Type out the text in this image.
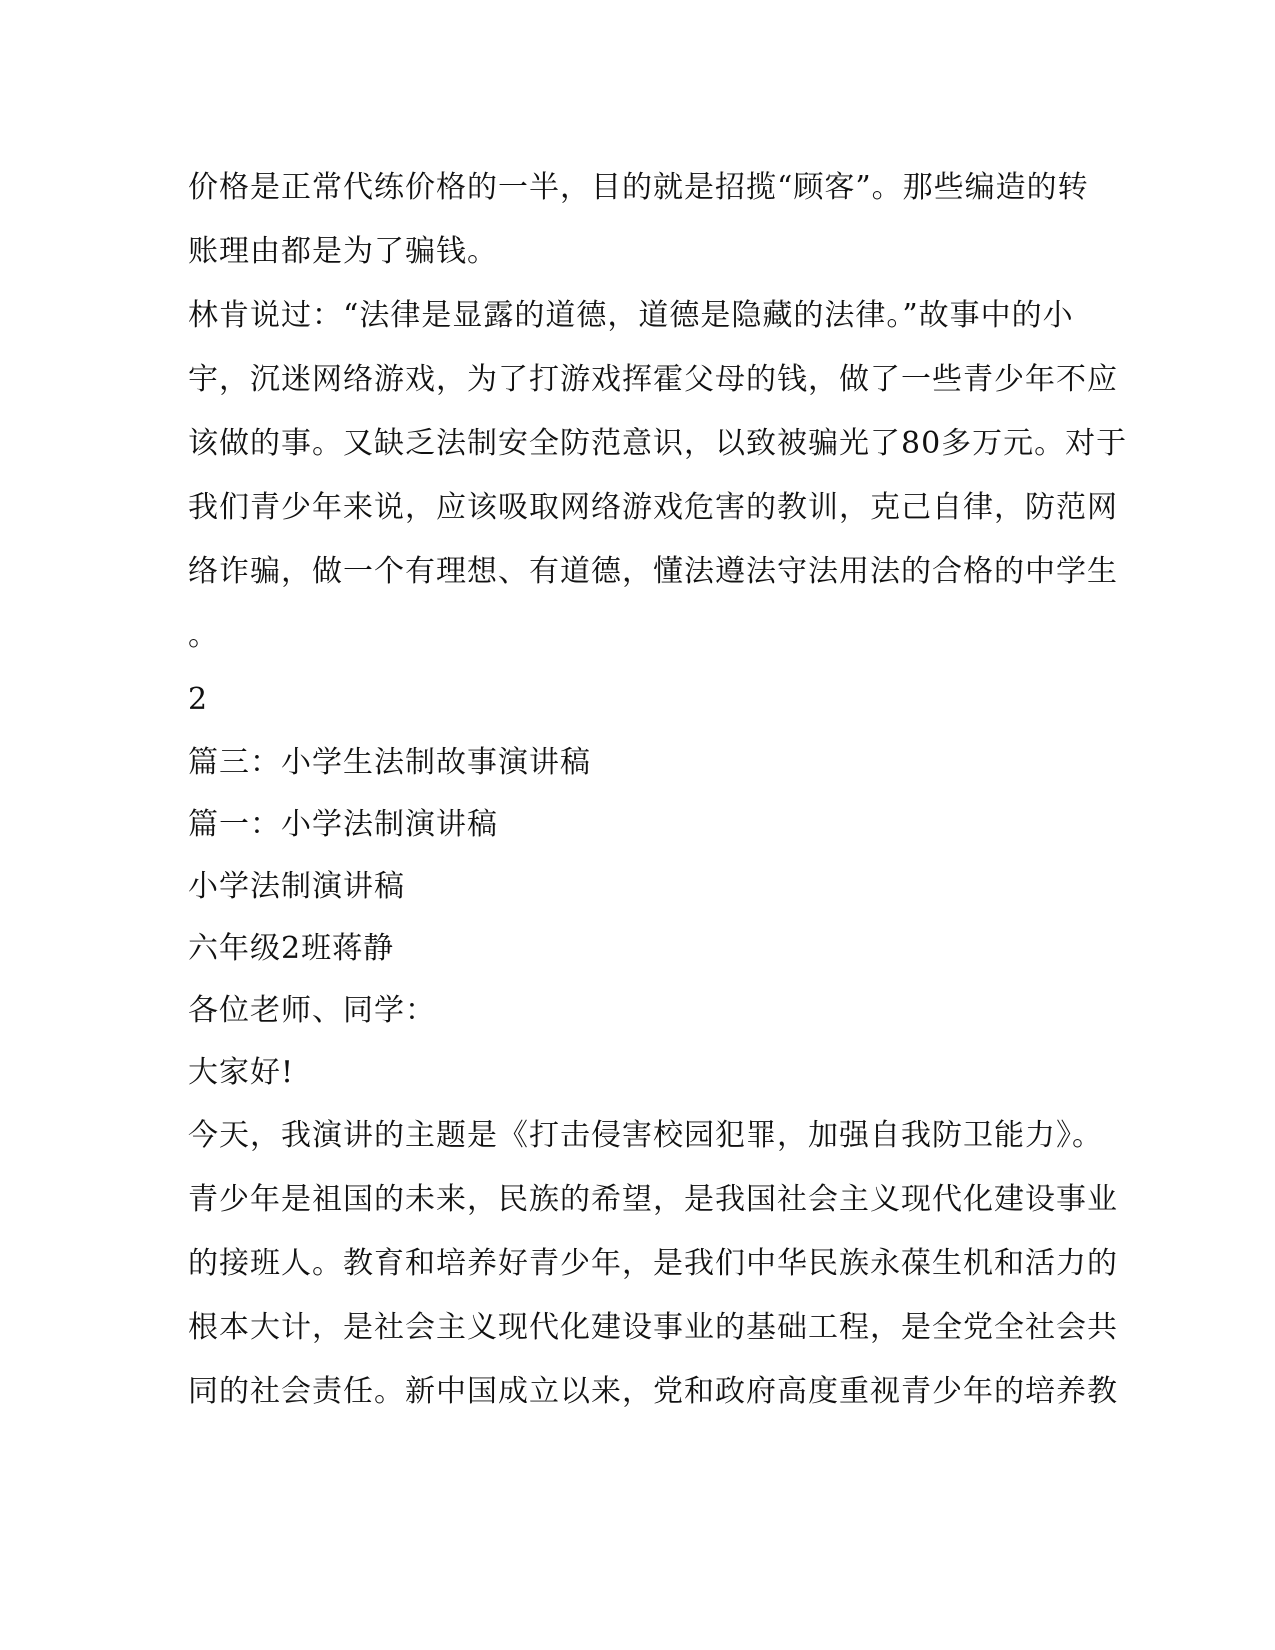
价格是正常代练价格的一半，目的就是招揽“顾客”。那些编造的转
账理由都是为了骗钱。
林肯说过：“法律是显露的道德，道德是隐藏的法律。”故事中的小
宇，沉迷网络游戏，为了打游戏挥霍父母的钱，做了一些青少年不应
该做的事。又缺乏法制安全防范意识，以致被骗光了80多万元。对于
我们青少年来说，应该吸取网络游戏危害的教训，克己自律，防范网
络诈骗，做一个有理想、有道德，懂法遵法守法用法的合格的中学生
。
2
篇三：小学生法制故事演讲稿
篇一：小学法制演讲稿
小学法制演讲稿
六年级2班蒋静
各位老师、同学：
大家好!
今天，我演讲的主题是《打击侵害校园犯罪，加强自我防卫能力》。
青少年是祖国的未来，民族的希望，是我国社会主义现代化建设事业
的接班人。教育和培养好青少年，是我们中华民族永葆生机和活力的
根本大计，是社会主义现代化建设事业的基础工程，是全党全社会共
同的社会责任。新中国成立以来，党和政府高度重视青少年的培养教
